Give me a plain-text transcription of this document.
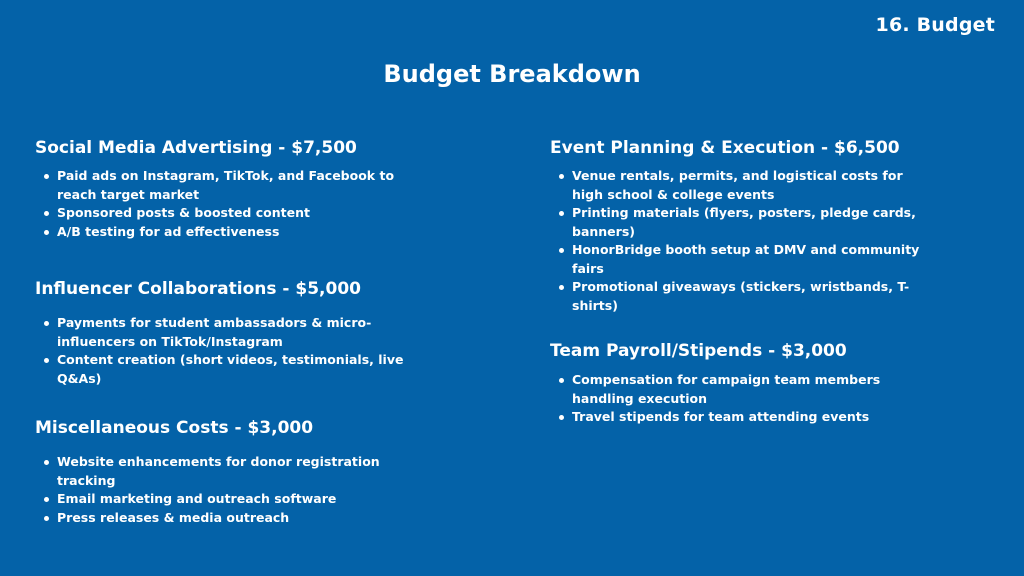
16. Budget
Budget Breakdown
Social Media Advertising - $7,500
Paid ads on Instagram, TikTok, and Facebook to reach target market
Sponsored posts & boosted content
A/B testing for ad effectiveness
Influencer Collaborations - $5,000
Payments for student ambassadors & micro-influencers on TikTok/Instagram
Content creation (short videos, testimonials, live Q&As)
Miscellaneous Costs - $3,000
Website enhancements for donor registration tracking
Email marketing and outreach software
Press releases & media outreach
Event Planning & Execution - $6,500
Venue rentals, permits, and logistical costs for high school & college events
Printing materials (flyers, posters, pledge cards, banners)
HonorBridge booth setup at DMV and community fairs
Promotional giveaways (stickers, wristbands, T-shirts)
Team Payroll/Stipends - $3,000
Compensation for campaign team members handling execution
Travel stipends for team attending events
